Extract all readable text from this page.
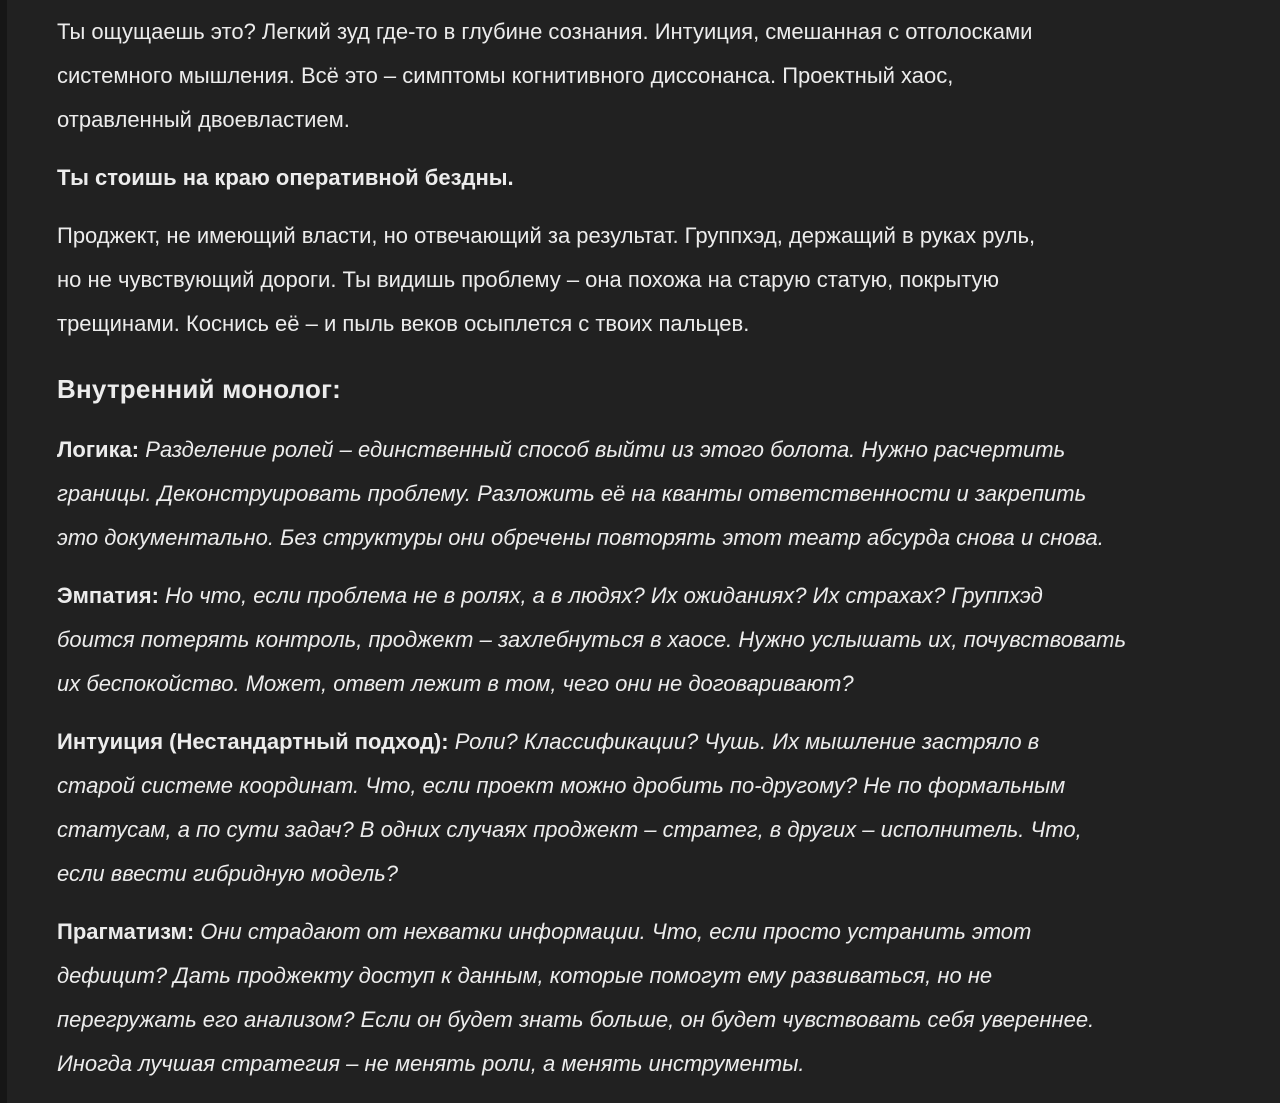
Ты ощущаешь это? Легкий зуд где-то в глубине сознания. Интуиция, смешанная с отголосками
системного мышления. Всё это – симптомы когнитивного диссонанса. Проектный хаос,
отравленный двоевластием.

Ты стоишь на краю оперативной бездны.

Проджект, не имеющий власти, но отвечающий за результат. Группхэд, держащий в руках руль,
но не чувствующий дороги. Ты видишь проблему – она похожа на старую статую, покрытую
трещинами. Коснись её – и пыль веков осыплется с твоих пальцев.

Внутренний монолог:

Логика: Разделение ролей – единственный способ выйти из этого болота. Нужно расчертить
границы. Деконструировать проблему. Разложить её на кванты ответственности и закрепить
это документально. Без структуры они обречены повторять этот театр абсурда снова и снова.

Эмпатия: Но что, если проблема не в ролях, а в людях? Их ожиданиях? Их страхах? Группхэд
боится потерять контроль, проджект – захлебнуться в хаосе. Нужно услышать их, почувствовать
их беспокойство. Может, ответ лежит в том, чего они не договаривают?

Интуиция (Нестандартный подход): Роли? Классификации? Чушь. Их мышление застряло в
старой системе координат. Что, если проект можно дробить по-другому? Не по формальным
статусам, а по сути задач? В одних случаях проджект – стратег, в других – исполнитель. Что,
если ввести гибридную модель?

Прагматизм: Они страдают от нехватки информации. Что, если просто устранить этот
дефицит? Дать проджекту доступ к данным, которые помогут ему развиваться, но не
перегружать его анализом? Если он будет знать больше, он будет чувствовать себя увереннее.
Иногда лучшая стратегия – не менять роли, а менять инструменты.
